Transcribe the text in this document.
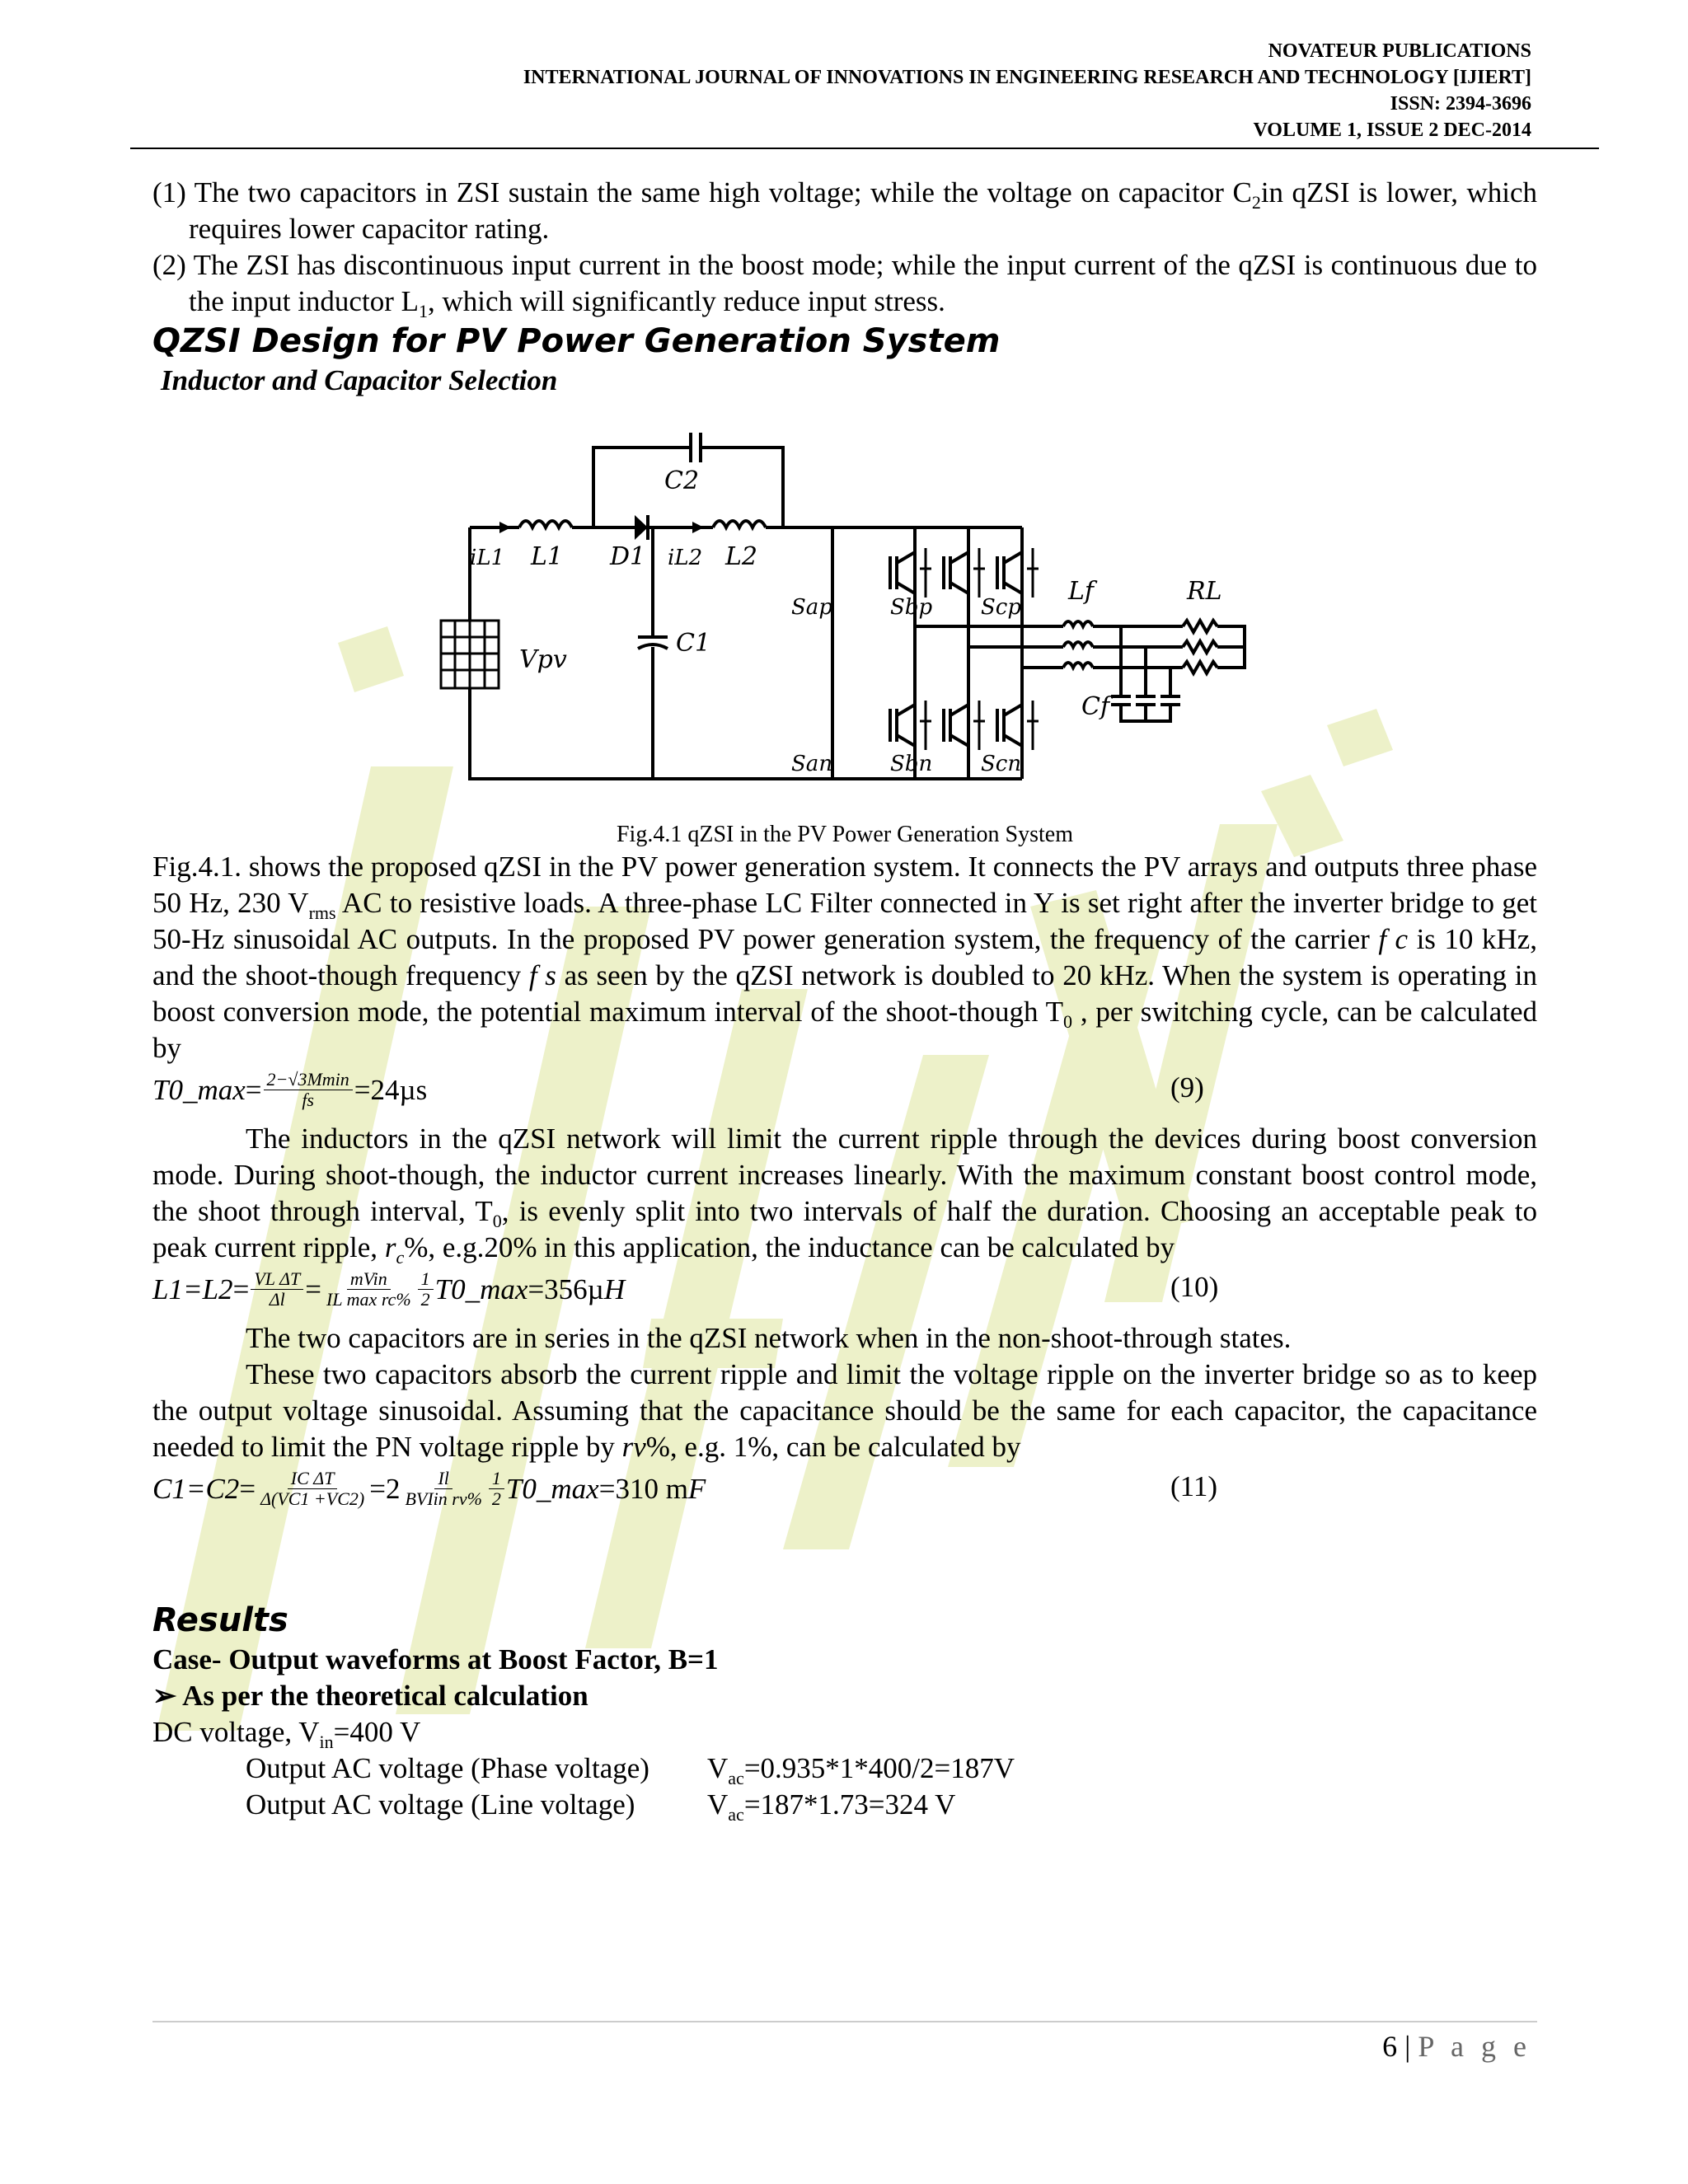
NOVATEUR PUBLICATIONS
INTERNATIONAL JOURNAL OF INNOVATIONS IN ENGINEERING RESEARCH AND TECHNOLOGY [IJIERT]
ISSN: 2394-3696
VOLUME 1, ISSUE 2 DEC-2014
(1) The two capacitors in ZSI sustain the same high voltage; while the voltage on capacitor $C_2in$ qZSI is lower, which requires lower capacitor rating.
(2) The ZSI has discontinuous input current in the boost mode; while the input current of the qZSI is continuous due to the input inductor $L_1$, which will significantly reduce input stress.
QZSI Design for PV Power Generation System
Inductor and Capacitor Selection
C2
iL1 L1 D1 iL2 L2
C1
Vpv
Sap	Sbp Scp
San	Sbn Scn
Lf	RL
Cf
Fig.4.1 qZSI in the PV Power Generation System
Fig.4.1. shows the proposed qZSI in the PV power generation system. It connects the PV arrays and outputs three phase 50 Hz, 230 $V_{rms}$ AC to resistive loads. A three-phase LC Filter connected in Y is set right after the inverter bridge to get 50-Hz sinusoidal AC outputs. In the proposed PV power generation system, the frequency of the carrier f c is 10 kHz, and the shoot-though frequency f s as seen by the qZSI network is doubled to 20 kHz. When the system is operating in boost conversion mode, the potential maximum interval of the shoot-though $T_0$ , per switching cycle, can be calculated by
T0_max = $\frac{2-√3Mmin}{fs} =24\mu s$	(9)
The inductors in the qZSI network will limit the current ripple through the devices during boost conversion mode. During shoot-though, the inductor current increases linearly. With the maximum constant boost control mode, the shoot through interval, $T_0$, is evenly split into two intervals of half the duration. Choosing an acceptable peak to peak current ripple, $r_c\%$, e.g.20% in this application, the inductance can be calculated by
$L1=L2 = \frac{\text{VL ΔT}}{\Delta l} = \frac{\text{mVin}}{\text{IL max rc\%}} \frac{1}{2}$ T0_max =356µ H	(10)
The two capacitors are in series in the qZSI network when in the non-shoot-through states.
These two capacitors absorb the current ripple and limit the voltage ripple on the inverter bridge so as to keep the output voltage sinusoidal. Assuming that the capacitance should be the same for each capacitor, the capacitance needed to limit the PN voltage ripple by rv%, e.g. 1%, can be calculated by
$C1=C2 = \frac{\text{IC ΔT}}{\Delta(VC1 +VC2)} =2 \frac{Il}{\text{BVIin rv\%}} \frac{1}{2}$ T0_max =310 m F	(11)
Results
Case- Output waveforms at Boost Factor, B=1
➢ As per the theoretical calculation
DC voltage, $V_{in}=400$ V
Output AC voltage (Phase voltage) $V_{ac}=0.935*1*400/2=187V$
Output AC voltage (Line voltage)	$V_{ac}=187*1.73=324$ V
6 | P a g e
